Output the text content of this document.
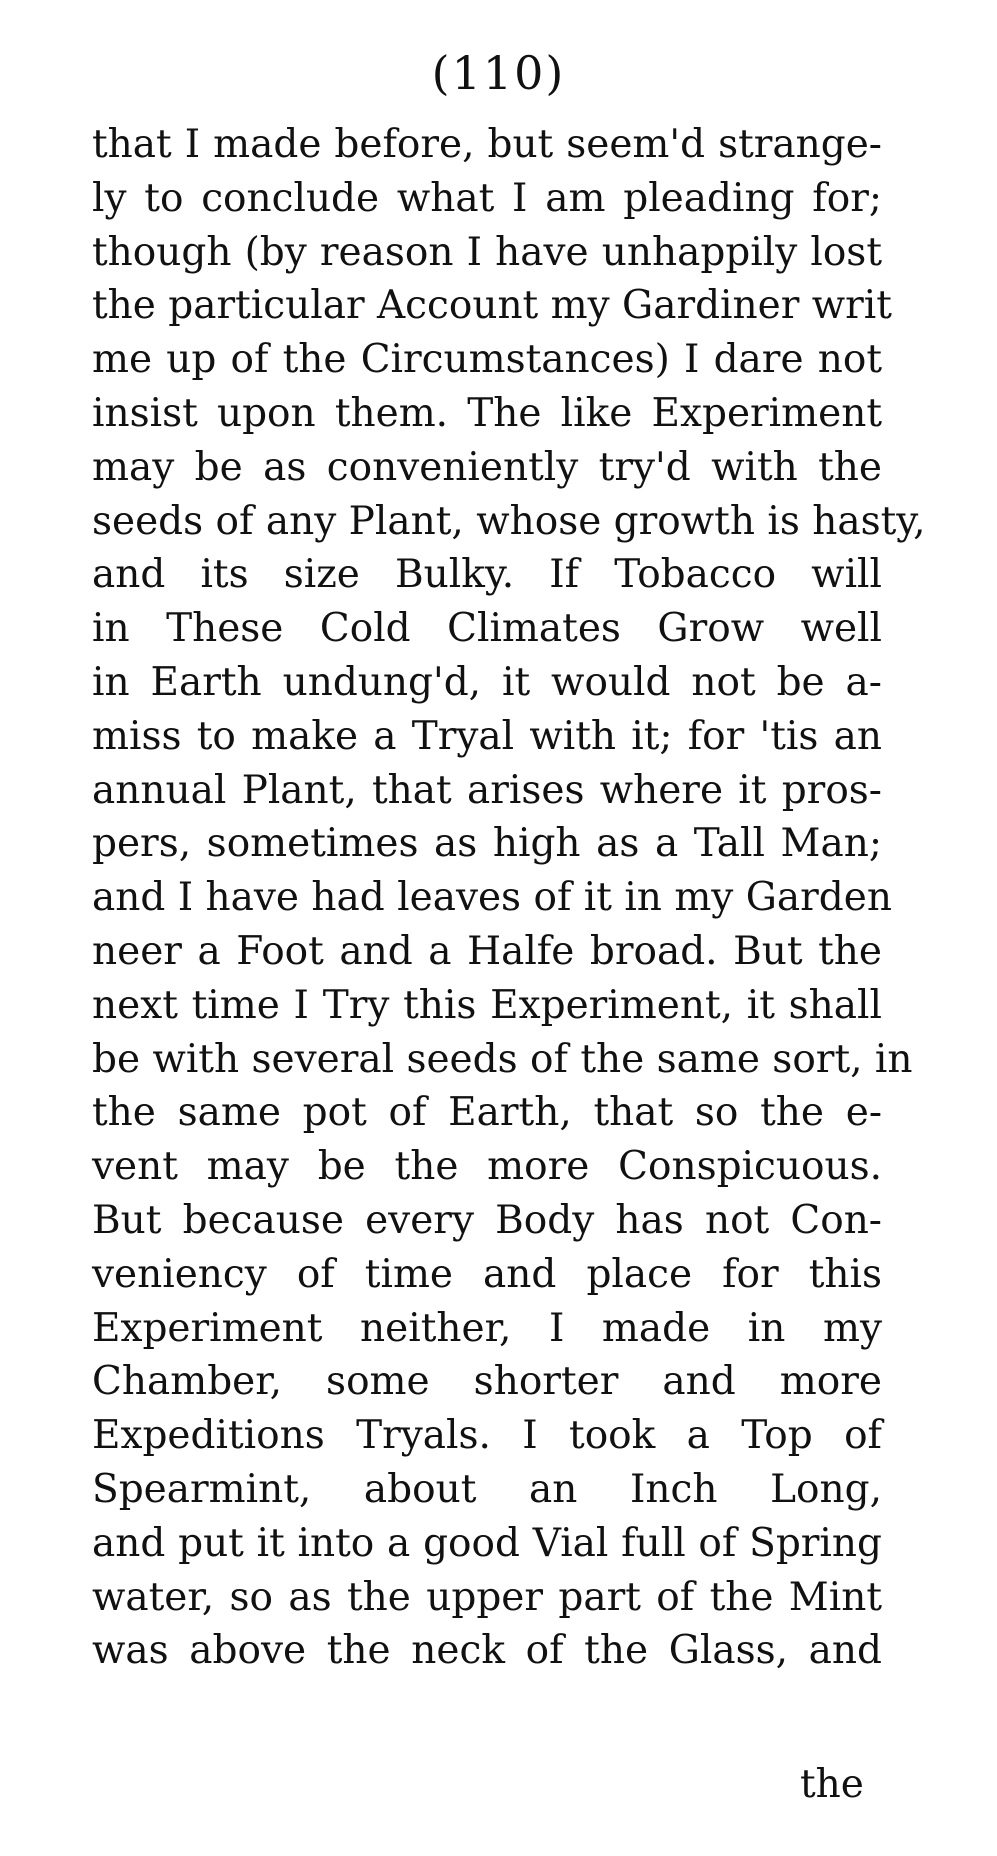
(110)
that I made before, but seem'd strange-
ly to conclude what I am pleading for;
though (by reason I have unhappily lost
the particular Account my Gardiner writ
me up of the Circumstances) I dare not
insist upon them. The like Experiment
may be as conveniently try'd with the
seeds of any Plant, whose growth is hasty,
and its size Bulky. If Tobacco will
in These Cold Climates Grow well
in Earth undung'd, it would not be a-
miss to make a Tryal with it; for 'tis an
annual Plant, that arises where it pros-
pers, sometimes as high as a Tall Man;
and I have had leaves of it in my Garden
neer a Foot and a Halfe broad. But the
next time I Try this Experiment, it shall
be with several seeds of the same sort, in
the same pot of Earth, that so the e-
vent may be the more Conspicuous.
But because every Body has not Con-
veniency of time and place for this
Experiment neither, I made in my
Chamber, some shorter and more
Expeditions Tryals. I took a Top of
Spearmint, about an Inch Long,
and put it into a good Vial full of Spring
water, so as the upper part of the Mint
was above the neck of the Glass, and
the
